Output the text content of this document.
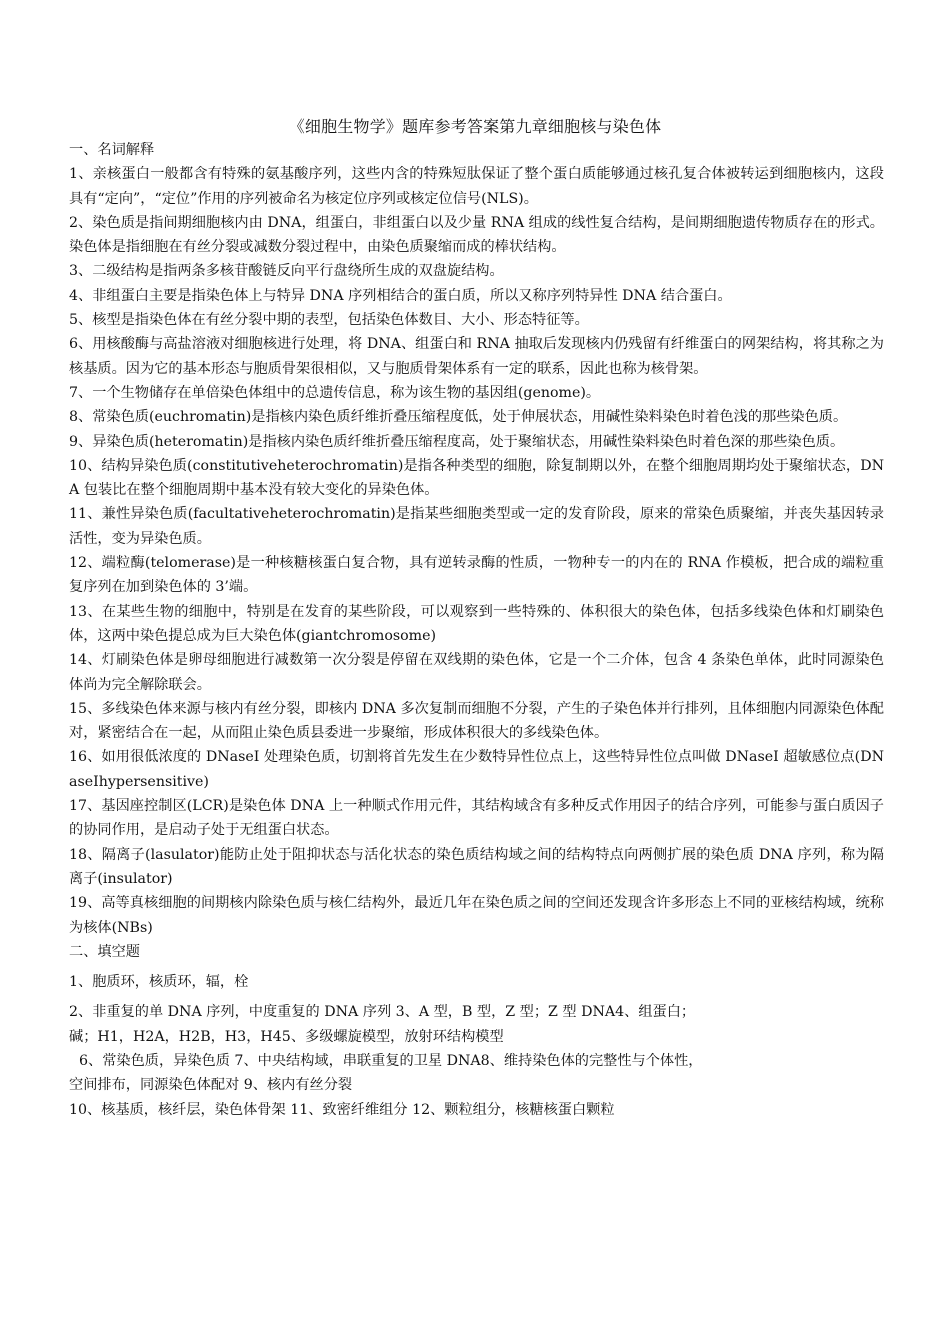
《细胞生物学》题库参考答案第九章细胞核与染色体

一、名词解释

1、亲核蛋白一般都含有特殊的氨基酸序列，这些内含的特殊短肽保证了整个蛋白质能够通过核孔复合体被转运到细胞核内，这段具有“定向”，“定位”作用的序列被命名为核定位序列或核定位信号(NLS)。

2、染色质是指间期细胞核内由 DNA，组蛋白，非组蛋白以及少量 RNA 组成的线性复合结构，是间期细胞遗传物质存在的形式。染色体是指细胞在有丝分裂或减数分裂过程中，由染色质聚缩而成的棒状结构。

3、二级结构是指两条多核苷酸链反向平行盘绕所生成的双盘旋结构。

4、非组蛋白主要是指染色体上与特异 DNA 序列相结合的蛋白质，所以又称序列特异性 DNA 结合蛋白。

5、核型是指染色体在有丝分裂中期的表型，包括染色体数目、大小、形态特征等。

6、用核酸酶与高盐溶液对细胞核进行处理，将 DNA、组蛋白和 RNA 抽取后发现核内仍残留有纤维蛋白的网架结构，将其称之为核基质。因为它的基本形态与胞质骨架很相似，又与胞质骨架体系有一定的联系，因此也称为核骨架。

7、一个生物储存在单倍染色体组中的总遗传信息，称为该生物的基因组(genome)。

8、常染色质(euchromatin)是指核内染色质纤维折叠压缩程度低，处于伸展状态，用碱性染料染色时着色浅的那些染色质。

9、异染色质(heteromatin)是指核内染色质纤维折叠压缩程度高，处于聚缩状态，用碱性染料染色时着色深的那些染色质。

10、结构异染色质(constitutiveheterochromatin)是指各种类型的细胞，除复制期以外，在整个细胞周期均处于聚缩状态，DNA 包装比在整个细胞周期中基本没有较大变化的异染色体。

11、兼性异染色质(facultativeheterochromatin)是指某些细胞类型或一定的发育阶段，原来的常染色质聚缩，并丧失基因转录活性，变为异染色质。

12、端粒酶(telomerase)是一种核糖核蛋白复合物，具有逆转录酶的性质，一物种专一的内在的 RNA 作模板，把合成的端粒重复序列在加到染色体的 3’端。

13、在某些生物的细胞中，特别是在发育的某些阶段，可以观察到一些特殊的、体积很大的染色体，包括多线染色体和灯刷染色体，这两中染色提总成为巨大染色体(giantchromosome)

14、灯刷染色体是卵母细胞进行减数第一次分裂是停留在双线期的染色体，它是一个二介体，包含 4 条染色单体，此时同源染色体尚为完全解除联会。

15、多线染色体来源与核内有丝分裂，即核内 DNA 多次复制而细胞不分裂，产生的子染色体并行排列，且体细胞内同源染色体配对，紧密结合在一起，从而阻止染色质县委进一步聚缩，形成体积很大的多线染色体。

16、如用很低浓度的 DNaseI 处理染色质，切割将首先发生在少数特异性位点上，这些特异性位点叫做 DNaseI 超敏感位点(DNaseIhypersensitive)

17、基因座控制区(LCR)是染色体 DNA 上一种顺式作用元件，其结构域含有多种反式作用因子的结合序列，可能参与蛋白质因子的协同作用，是启动子处于无组蛋白状态。

18、隔离子(lasulator)能防止处于阻抑状态与活化状态的染色质结构域之间的结构特点向两侧扩展的染色质 DNA 序列，称为隔离子(insulator)

19、高等真核细胞的间期核内除染色质与核仁结构外，最近几年在染色质之间的空间还发现含许多形态上不同的亚核结构域，统称为核体(NBs)

二、填空题

1、胞质环，核质环，辐，栓

2、非重复的单 DNA 序列，中度重复的 DNA 序列 3、A 型，B 型，Z 型；Z 型 DNA4、组蛋白；

碱；H1，H2A，H2B，H3，H45、多级螺旋模型，放射环结构模型

6、常染色质，异染色质 7、中央结构域，串联重复的卫星 DNA8、维持染色体的完整性与个体性，

空间排布，同源染色体配对 9、核内有丝分裂

10、核基质，核纤层，染色体骨架 11、致密纤维组分 12、颗粒组分，核糖核蛋白颗粒
